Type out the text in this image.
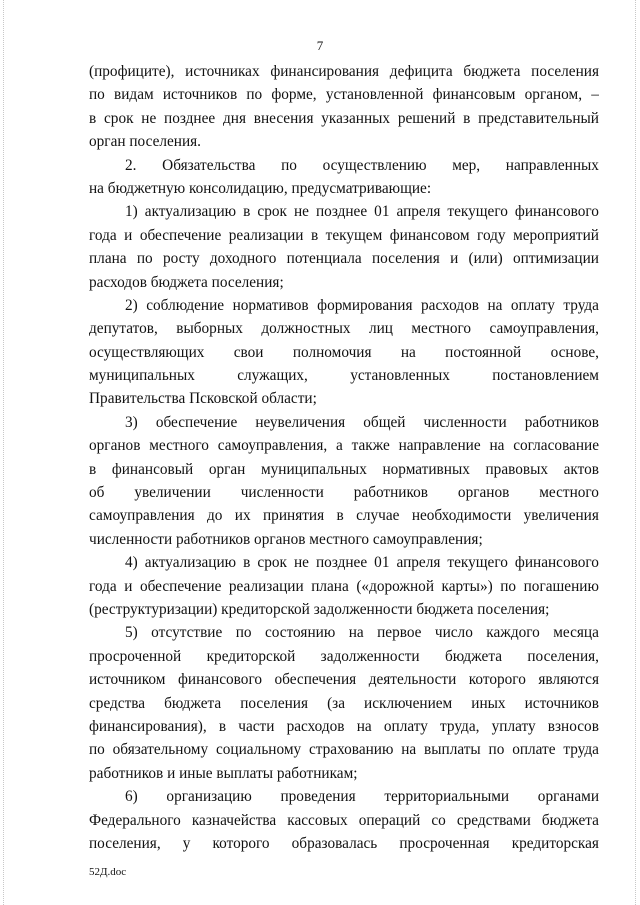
7
(профиците), источниках финансирования дефицита бюджета поселения
по видам источников по форме, установленной финансовым органом, –
в срок не позднее дня внесения указанных решений в представительный
орган поселения.
2. Обязательства по осуществлению мер, направленных
на бюджетную консолидацию, предусматривающие:
1) актуализацию в срок не позднее 01 апреля текущего финансового
года и обеспечение реализации в текущем финансовом году мероприятий
плана по росту доходного потенциала поселения и (или) оптимизации
расходов бюджета поселения;
2) соблюдение нормативов формирования расходов на оплату труда
депутатов, выборных должностных лиц местного самоуправления,
осуществляющих свои полномочия на постоянной основе,
муниципальных	служащих,	установленных	постановлением
Правительства Псковской области;
3) обеспечение неувеличения общей численности работников
органов местного самоуправления, а также направление на согласование
в финансовый орган муниципальных нормативных правовых актов
об увеличении численности работников органов местного
самоуправления до их принятия в случае необходимости увеличения
численности работников органов местного самоуправления;
4) актуализацию в срок не позднее 01 апреля текущего финансового
года и обеспечение реализации плана («дорожной карты») по погашению
(реструктуризации) кредиторской задолженности бюджета поселения;
5) отсутствие по состоянию на первое число каждого месяца
просроченной кредиторской задолженности бюджета поселения,
источником финансового обеспечения деятельности которого являются
средства бюджета поселения (за исключением иных источников
финансирования), в части расходов на оплату труда, уплату взносов
по обязательному социальному страхованию на выплаты по оплате труда
работников и иные выплаты работникам;
6) организацию проведения территориальными органами
Федерального казначейства кассовых операций со средствами бюджета
поселения, у которого образовалась просроченная кредиторская
52Д.doc
